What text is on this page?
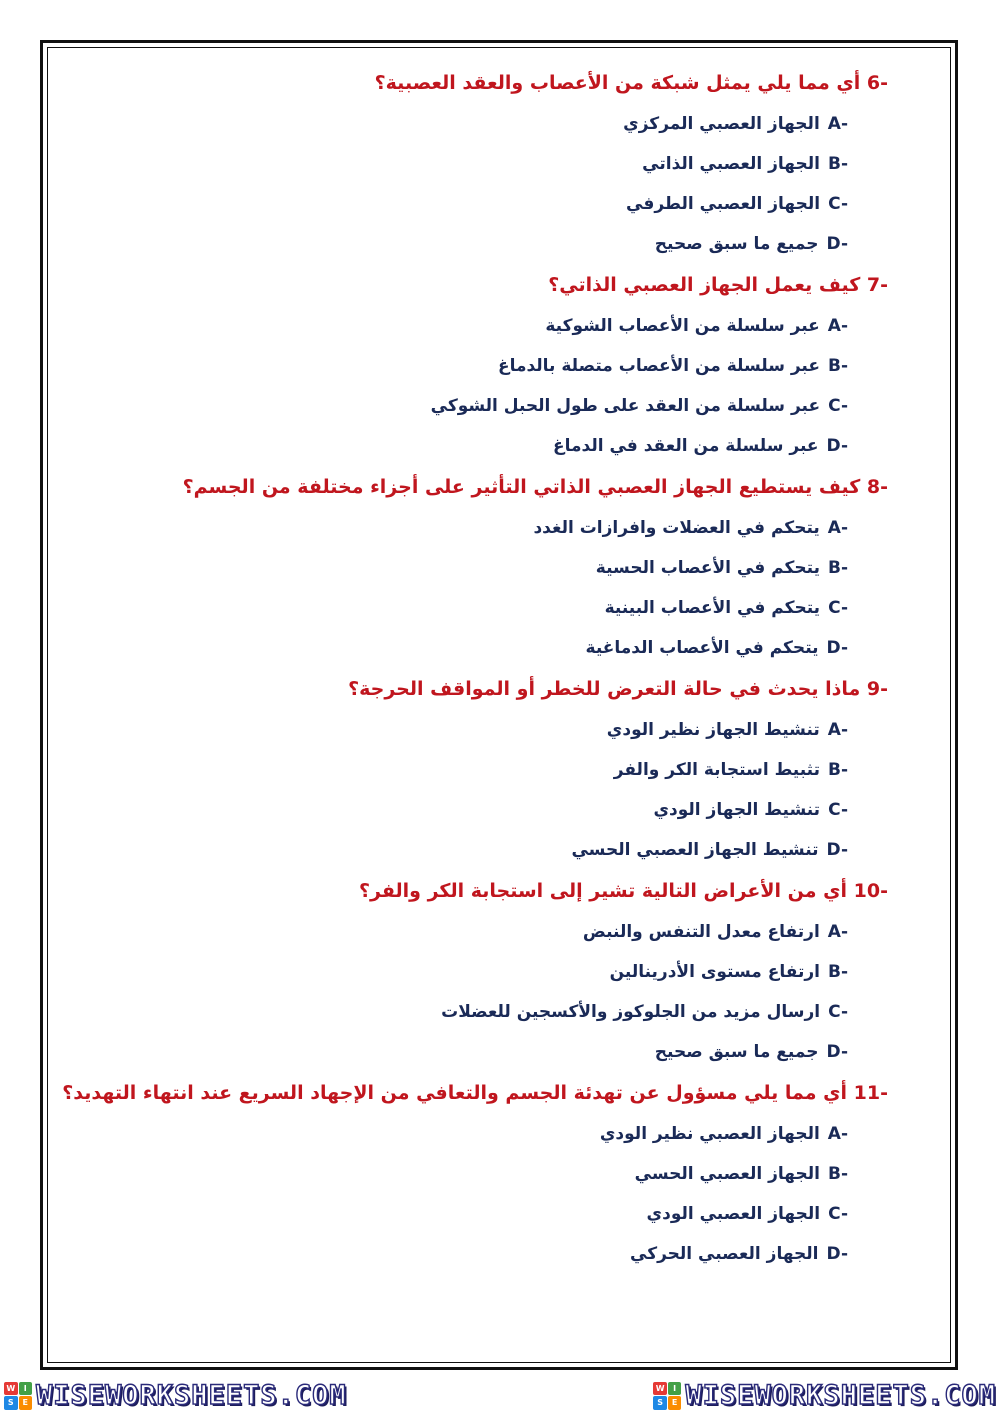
6- أي مما يلي يمثل شبكة من الأعصاب والعقد العصبية؟
A-الجهاز العصبي المركزي
B-الجهاز العصبي الذاتي
C-الجهاز العصبي الطرفي
D-جميع ما سبق صحيح
7- كيف يعمل الجهاز العصبي الذاتي؟
A-عبر سلسلة من الأعصاب الشوكية
B-عبر سلسلة من الأعصاب متصلة بالدماغ
C-عبر سلسلة من العقد على طول الحبل الشوكي
D-عبر سلسلة من العقد في الدماغ
8- كيف يستطيع الجهاز العصبي الذاتي التأثير على أجزاء مختلفة من الجسم؟
A-يتحكم في العضلات وافرازات الغدد
B-يتحكم في الأعصاب الحسية
C-يتحكم في الأعصاب البينية
D-يتحكم في الأعصاب الدماغية
9- ماذا يحدث في حالة التعرض للخطر أو المواقف الحرجة؟
A-تنشيط الجهاز نظير الودي
B-تثبيط استجابة الكر والفر
C-تنشيط الجهاز الودي
D-تنشيط الجهاز العصبي الحسي
10- أي من الأعراض التالية تشير إلى استجابة الكر والفر؟
A-ارتفاع معدل التنفس والنبض
B-ارتفاع مستوى الأدرينالين
C-ارسال مزيد من الجلوكوز والأكسجين للعضلات
D-جميع ما سبق صحيح
11- أي مما يلي مسؤول عن تهدئة الجسم والتعافي من الإجهاد السريع عند انتهاء التهديد؟
A-الجهاز العصبي نظير الودي
B-الجهاز العصبي الحسي
C-الجهاز العصبي الودي
D-الجهاز العصبي الحركي
W	I
S	E WISEWORKSHEETS.COM	W	I
S	E WISEWORKSHEETS.COM
